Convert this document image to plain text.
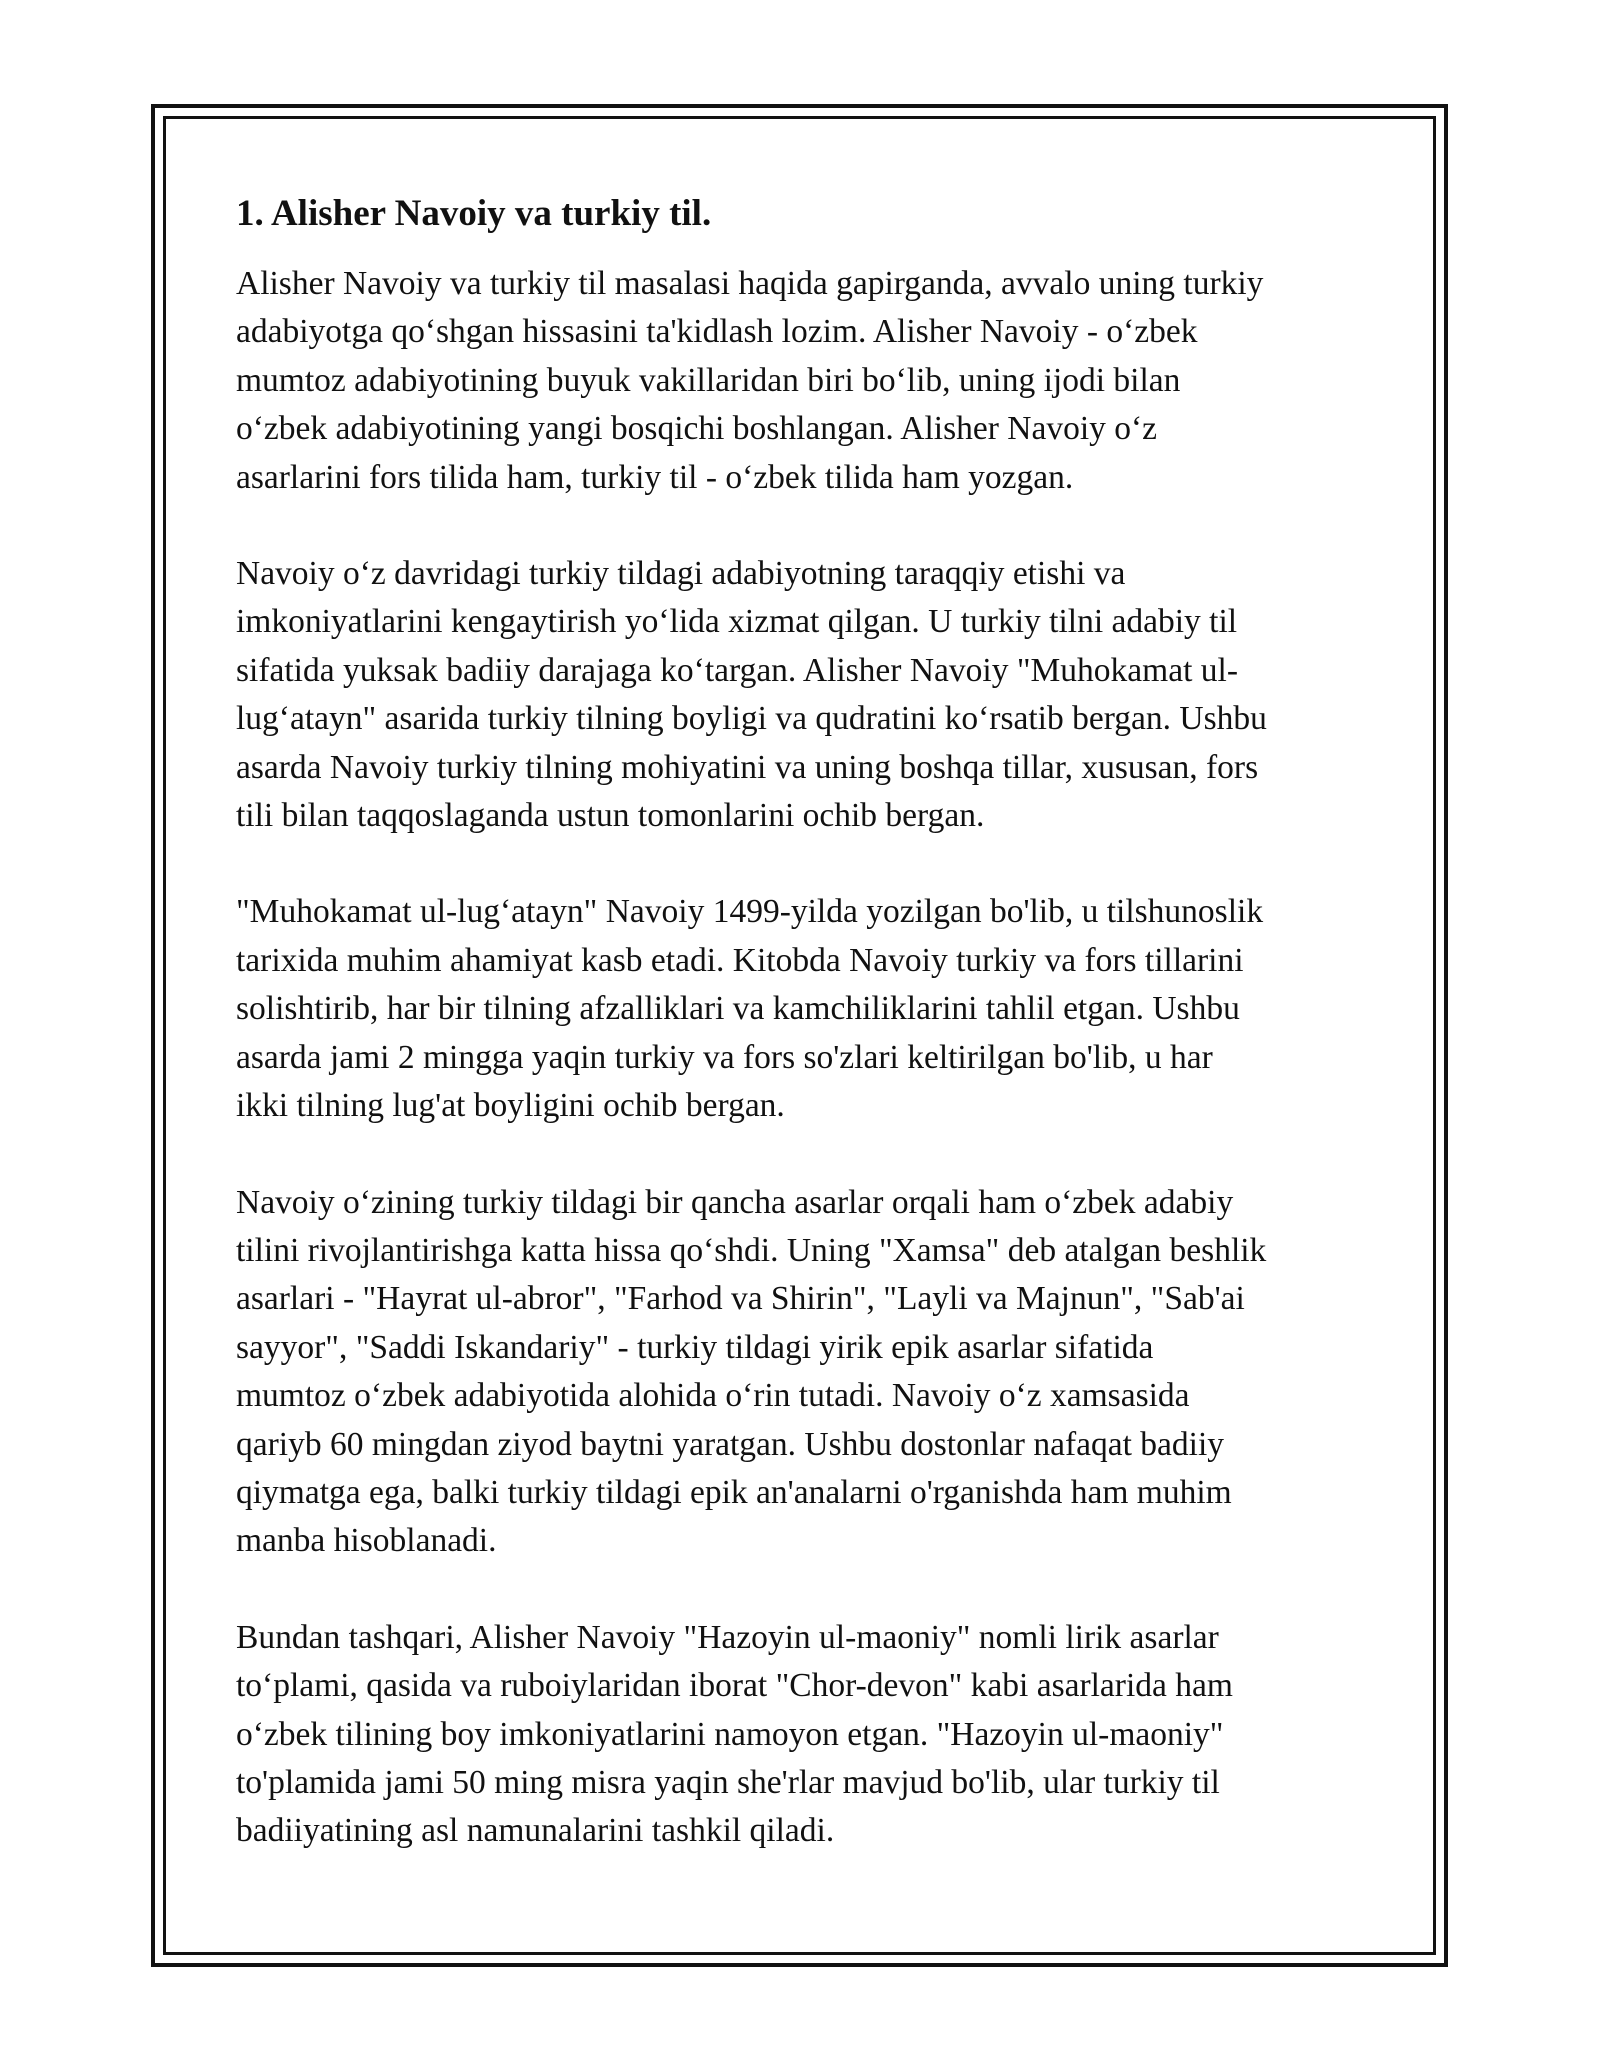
1. Alisher Navoiy va turkiy til.

Alisher Navoiy va turkiy til masalasi haqida gapirganda, avvalo uning turkiy
adabiyotga qo‘shgan hissasini ta'kidlash lozim. Alisher Navoiy - o‘zbek
mumtoz adabiyotining buyuk vakillaridan biri bo‘lib, uning ijodi bilan
o‘zbek adabiyotining yangi bosqichi boshlangan. Alisher Navoiy o‘z
asarlarini fors tilida ham, turkiy til - o‘zbek tilida ham yozgan.

Navoiy o‘z davridagi turkiy tildagi adabiyotning taraqqiy etishi va
imkoniyatlarini kengaytirish yo‘lida xizmat qilgan. U turkiy tilni adabiy til
sifatida yuksak badiiy darajaga ko‘targan. Alisher Navoiy "Muhokamat ul-
lug‘atayn" asarida turkiy tilning boyligi va qudratini ko‘rsatib bergan. Ushbu
asarda Navoiy turkiy tilning mohiyatini va uning boshqa tillar, xususan, fors
tili bilan taqqoslaganda ustun tomonlarini ochib bergan.

"Muhokamat ul-lug‘atayn" Navoiy 1499-yilda yozilgan bo'lib, u tilshunoslik
tarixida muhim ahamiyat kasb etadi. Kitobda Navoiy turkiy va fors tillarini
solishtirib, har bir tilning afzalliklari va kamchiliklarini tahlil etgan. Ushbu
asarda jami 2 mingga yaqin turkiy va fors so'zlari keltirilgan bo'lib, u har
ikki tilning lug'at boyligini ochib bergan.

Navoiy o‘zining turkiy tildagi bir qancha asarlar orqali ham o‘zbek adabiy
tilini rivojlantirishga katta hissa qo‘shdi. Uning "Xamsa" deb atalgan beshlik
asarlari - "Hayrat ul-abror", "Farhod va Shirin", "Layli va Majnun", "Sab'ai
sayyor", "Saddi Iskandariy" - turkiy tildagi yirik epik asarlar sifatida
mumtoz o‘zbek adabiyotida alohida o‘rin tutadi. Navoiy o‘z xamsasida
qariyb 60 mingdan ziyod baytni yaratgan. Ushbu dostonlar nafaqat badiiy
qiymatga ega, balki turkiy tildagi epik an'analarni o'rganishda ham muhim
manba hisoblanadi.

Bundan tashqari, Alisher Navoiy "Hazoyin ul-maoniy" nomli lirik asarlar
to‘plami, qasida va ruboiylaridan iborat "Chor-devon" kabi asarlarida ham
o‘zbek tilining boy imkoniyatlarini namoyon etgan. "Hazoyin ul-maoniy"
to'plamida jami 50 ming misra yaqin she'rlar mavjud bo'lib, ular turkiy til
badiiyatining asl namunalarini tashkil qiladi.
